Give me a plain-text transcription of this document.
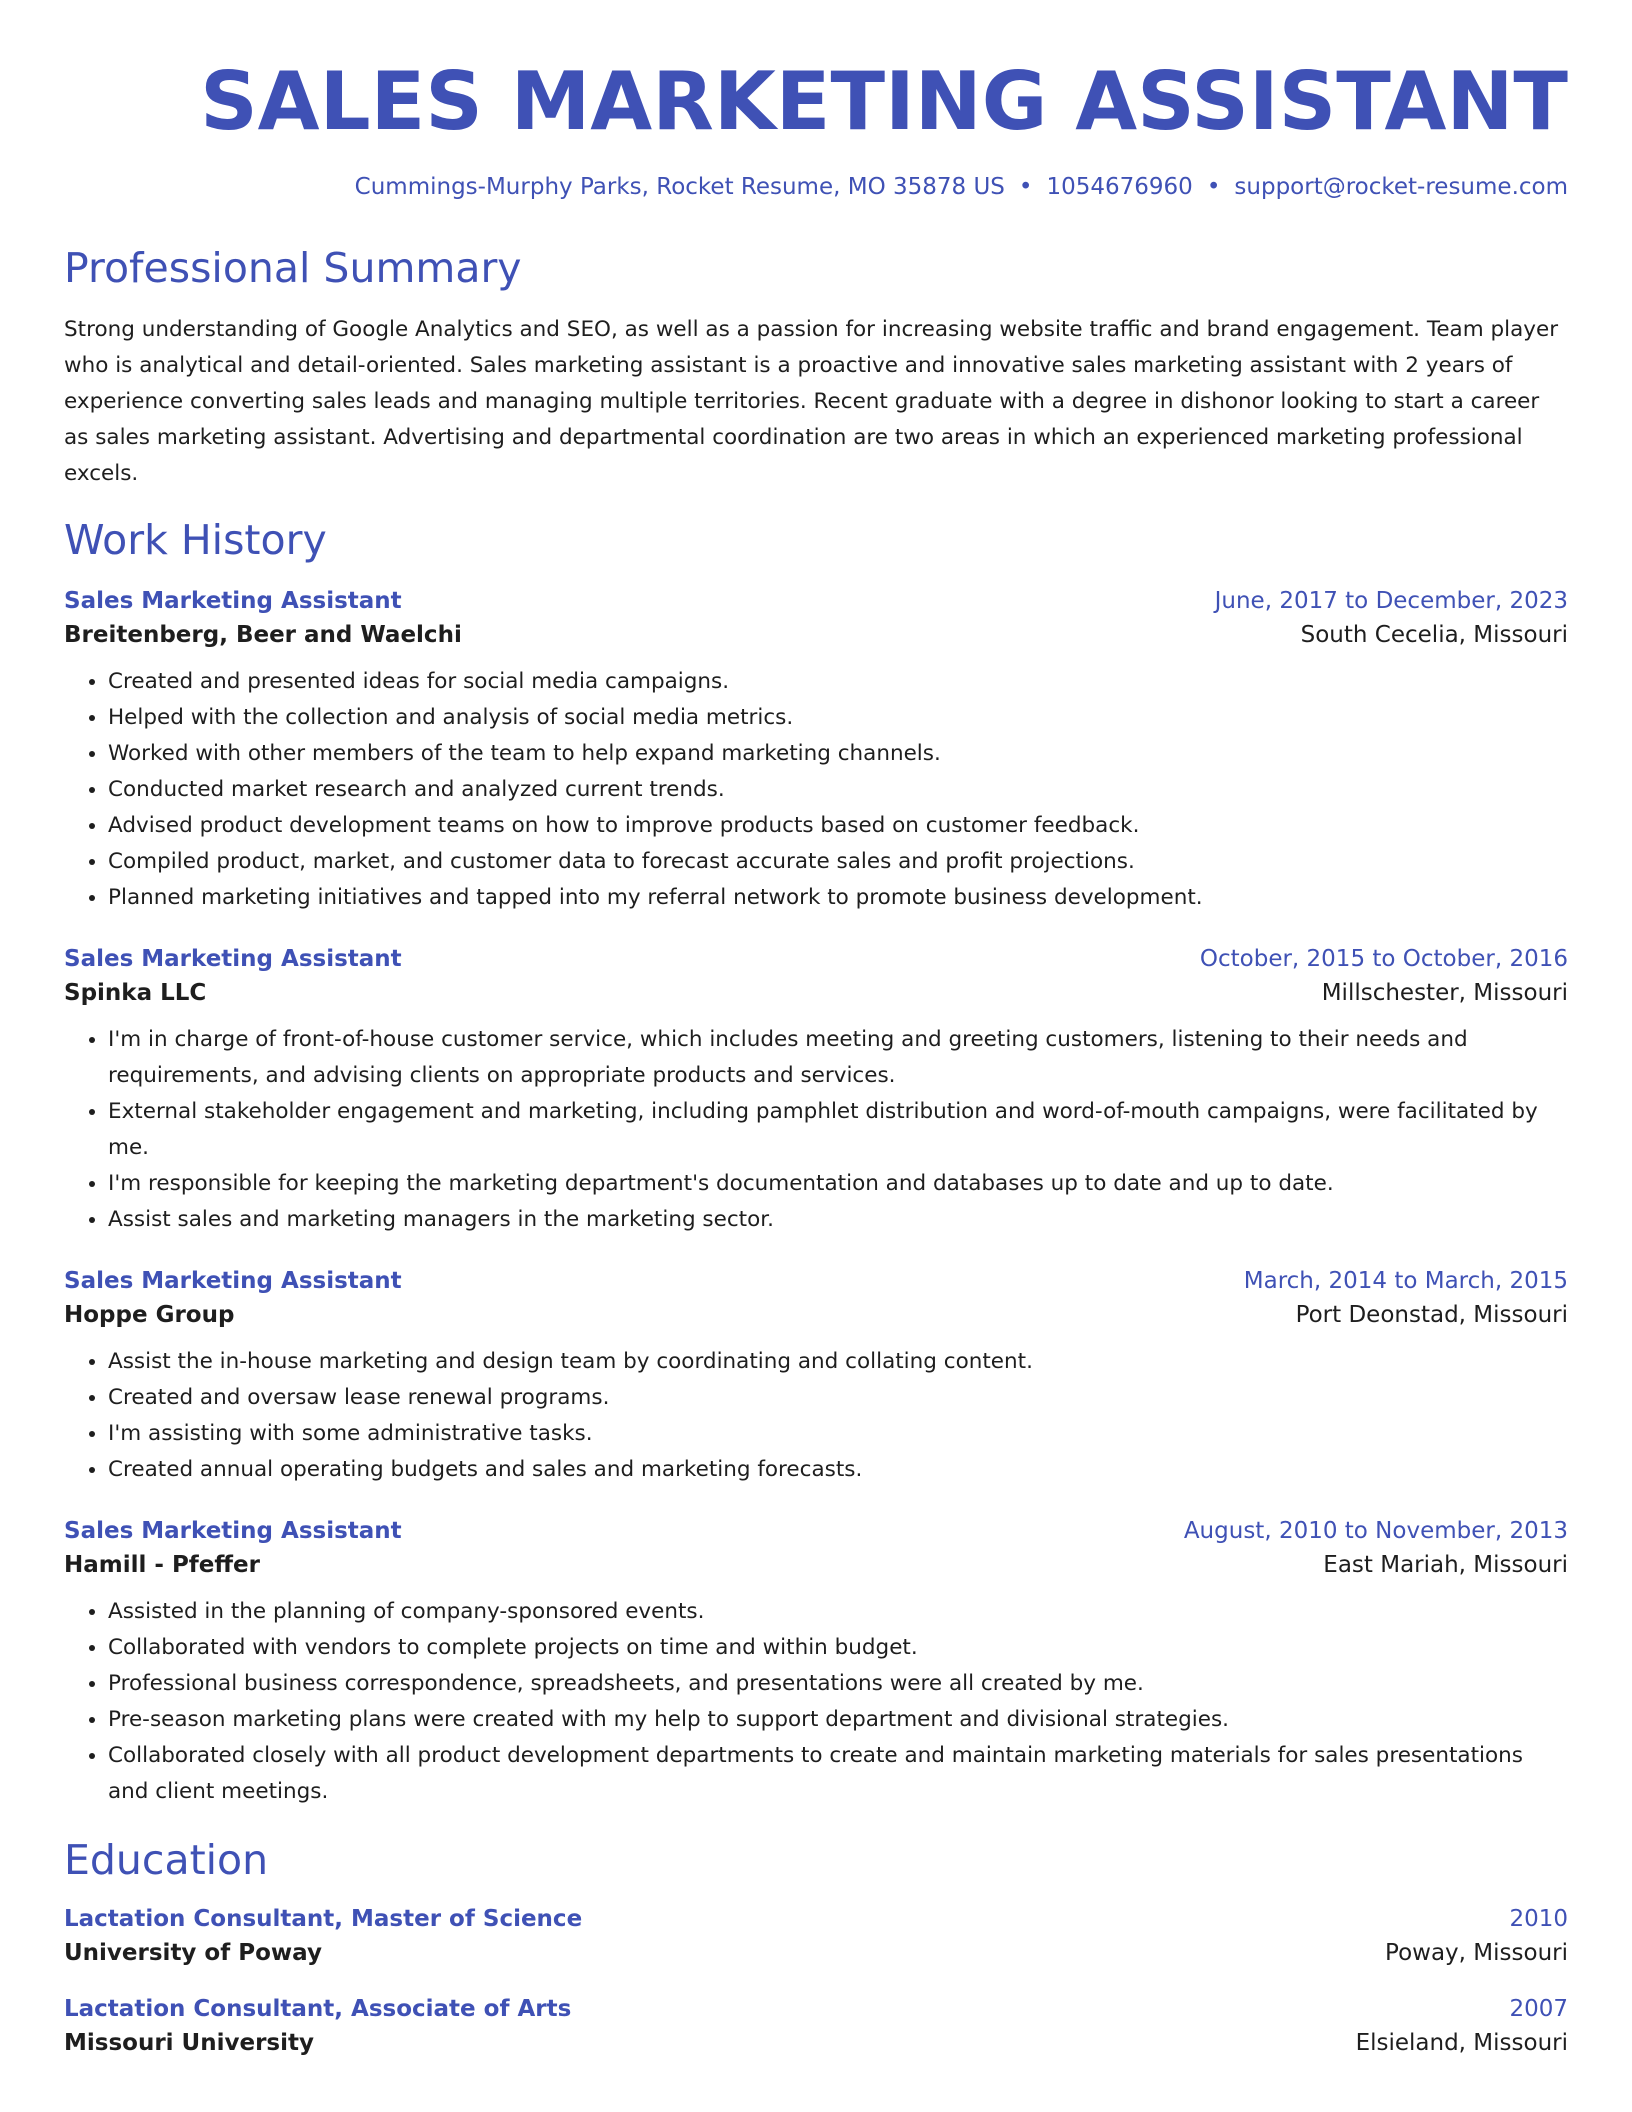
SALES MARKETING ASSISTANT
Cummings-Murphy Parks, Rocket Resume, MO 35878 US • 1054676960 • support@rocket-resume.com
Professional Summary

Strong understanding of Google Analytics and SEO, as well as a passion for increasing website traffic and brand engagement. Team player who is analytical and detail-oriented. Sales marketing assistant is a proactive and innovative sales marketing assistant with 2 years of experience converting sales leads and managing multiple territories. Recent graduate with a degree in dishonor looking to start a career as sales marketing assistant. Advertising and departmental coordination are two areas in which an experienced marketing professional excels.

Work History
Sales Marketing Assistant	June, 2017 to December, 2023
Breitenberg, Beer and Waelchi	South Cecelia, Missouri
• Created and presented ideas for social media campaigns.
• Helped with the collection and analysis of social media metrics.
• Worked with other members of the team to help expand marketing channels.
• Conducted market research and analyzed current trends.
• Advised product development teams on how to improve products based on customer feedback.
• Compiled product, market, and customer data to forecast accurate sales and profit projections.
• Planned marketing initiatives and tapped into my referral network to promote business development.
Sales Marketing Assistant	October, 2015 to October, 2016
Spinka LLC	Millschester, Missouri
• I'm in charge of front-of-house customer service, which includes meeting and greeting customers, listening to their needs and requirements, and advising clients on appropriate products and services.
• External stakeholder engagement and marketing, including pamphlet distribution and word-of-mouth campaigns, were facilitated by me.
• I'm responsible for keeping the marketing department's documentation and databases up to date and up to date.
• Assist sales and marketing managers in the marketing sector.
Sales Marketing Assistant	March, 2014 to March, 2015
Hoppe Group	Port Deonstad, Missouri
• Assist the in-house marketing and design team by coordinating and collating content.
• Created and oversaw lease renewal programs.
• I'm assisting with some administrative tasks.
• Created annual operating budgets and sales and marketing forecasts.
Sales Marketing Assistant	August, 2010 to November, 2013
Hamill - Pfeffer	East Mariah, Missouri
• Assisted in the planning of company-sponsored events.
• Collaborated with vendors to complete projects on time and within budget.
• Professional business correspondence, spreadsheets, and presentations were all created by me.
• Pre-season marketing plans were created with my help to support department and divisional strategies.
• Collaborated closely with all product development departments to create and maintain marketing materials for sales presentations and client meetings.
Education
Lactation Consultant, Master of Science	2010
University of Poway	Poway, Missouri
Lactation Consultant, Associate of Arts	2007
Missouri University	Elsieland, Missouri
